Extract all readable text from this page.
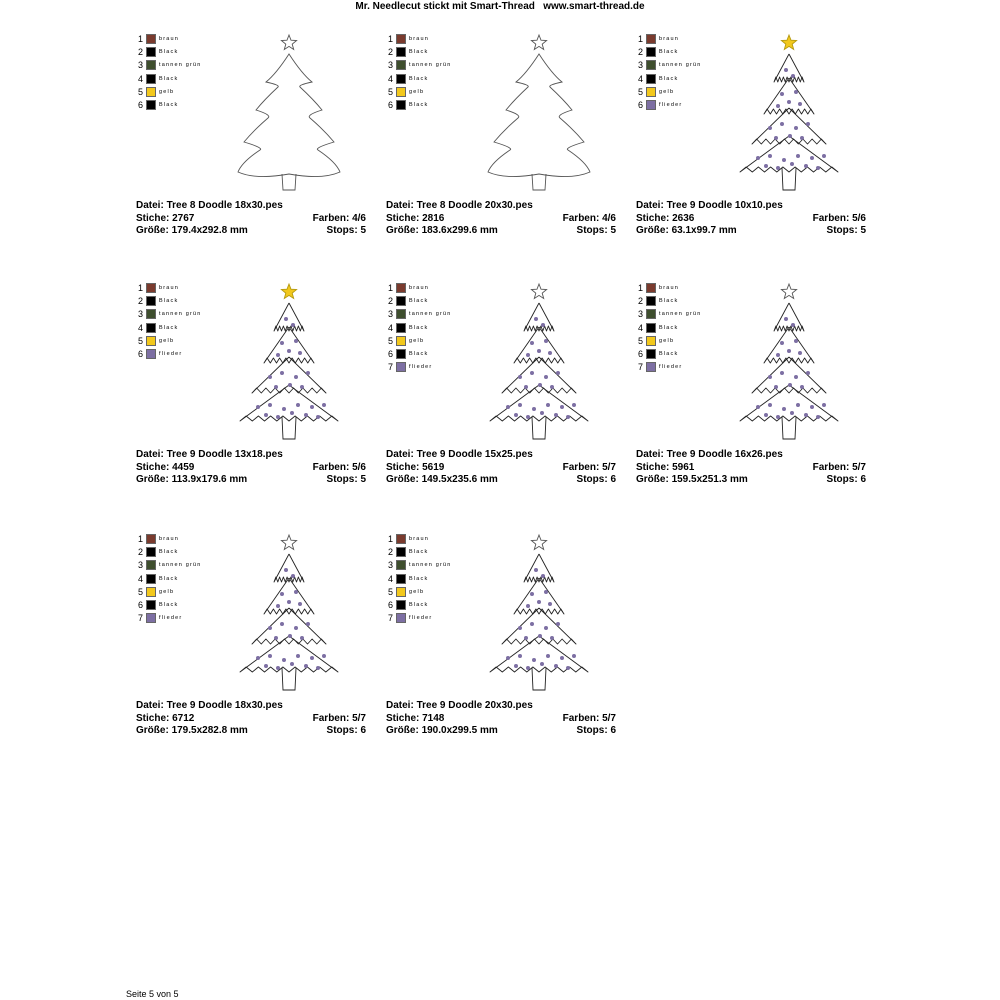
Mr. Needlecut stickt mit Smart-Thread   www.smart-thread.de
1	braun
2	Black
3	tannen grün
4	Black
5	gelb
6	Black
Datei: Tree 8 Doodle 18x30.pes
Stiche: 2767	Farben: 4/6
Größe: 179.4x292.8 mm	Stops: 5
1	braun
2	Black
3	tannen grün
4	Black
5	gelb
6	Black
Datei: Tree 8 Doodle 20x30.pes
Stiche: 2816	Farben: 4/6
Größe: 183.6x299.6 mm	Stops: 5
1	braun
2	Black
3	tannen grün
4	Black
5	gelb
6	flieder
Datei: Tree 9 Doodle 10x10.pes
Stiche: 2636	Farben: 5/6
Größe: 63.1x99.7 mm	Stops: 5
1	braun
2	Black
3	tannen grün
4	Black
5	gelb
6	flieder
Datei: Tree 9 Doodle 13x18.pes
Stiche: 4459	Farben: 5/6
Größe: 113.9x179.6 mm	Stops: 5
1	braun
2	Black
3	tannen grün
4	Black
5	gelb
6	Black
7	flieder
Datei: Tree 9 Doodle 15x25.pes
Stiche: 5619	Farben: 5/7
Größe: 149.5x235.6 mm	Stops: 6
1	braun
2	Black
3	tannen grün
4	Black
5	gelb
6	Black
7	flieder
Datei: Tree 9 Doodle 16x26.pes
Stiche: 5961	Farben: 5/7
Größe: 159.5x251.3 mm	Stops: 6
1	braun
2	Black
3	tannen grün
4	Black
5	gelb
6	Black
7	flieder
Datei: Tree 9 Doodle 18x30.pes
Stiche: 6712	Farben: 5/7
Größe: 179.5x282.8 mm	Stops: 6
1	braun
2	Black
3	tannen grün
4	Black
5	gelb
6	Black
7	flieder
Datei: Tree 9 Doodle 20x30.pes
Stiche: 7148	Farben: 5/7
Größe: 190.0x299.5 mm	Stops: 6
Seite 5 von 5
